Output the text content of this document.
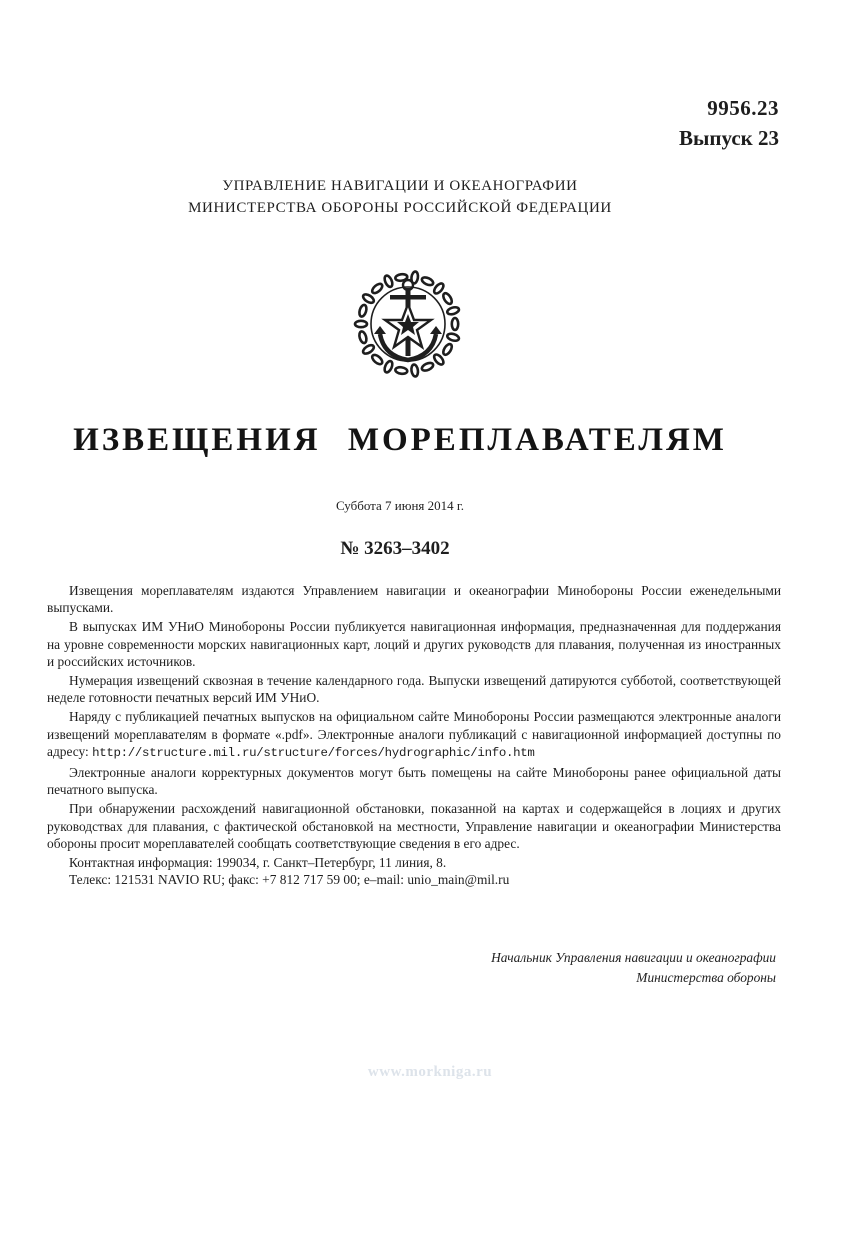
9956.23
Выпуск 23
УПРАВЛЕНИЕ НАВИГАЦИИ И ОКЕАНОГРАФИИ
МИНИСТЕРСТВА ОБОРОНЫ РОССИЙСКОЙ ФЕДЕРАЦИИ
ИЗВЕЩЕНИЯ МОРЕПЛАВАТЕЛЯМ
Суббота 7 июня 2014 г.
№ 3263–3402

Извещения мореплавателям издаются Управлением навигации и океанографии Минобороны России еженедельными выпусками.

В выпусках ИМ УНиО Минобороны России публикуется навигационная информация, предназначенная для поддержания на уровне современности морских навигационных карт, лоций и других руководств для плавания, полученная из иностранных и российских источников.

Нумерация извещений сквозная в течение календарного года. Выпуски извещений датируются субботой, соответствующей неделе готовности печатных версий ИМ УНиО.

Наряду с публикацией печатных выпусков на официальном сайте Минобороны России размещаются электронные аналоги извещений мореплавателям в формате «.pdf». Электронные аналоги публикаций с навигационной информацией доступны по адресу: http://structure.mil.ru/structure/forces/hydrographic/info.htm

Электронные аналоги корректурных документов могут быть помещены на сайте Минобороны ранее официальной даты печатного выпуска.

При обнаружении расхождений навигационной обстановки, показанной на картах и содержащейся в лоциях и других руководствах для плавания, с фактической обстановкой на местности, Управление навигации и океанографии Министерства обороны просит мореплавателей сообщать соответствующие сведения в его адрес.

Контактная информация: 199034, г. Санкт–Петербург, 11 линия, 8.

Телекс: 121531 NAVIO RU; факс: +7 812 717 59 00; e–mail: unio_main@mil.ru

Начальник Управления навигации и океанографии
Министерства обороны
www.morkniga.ru
